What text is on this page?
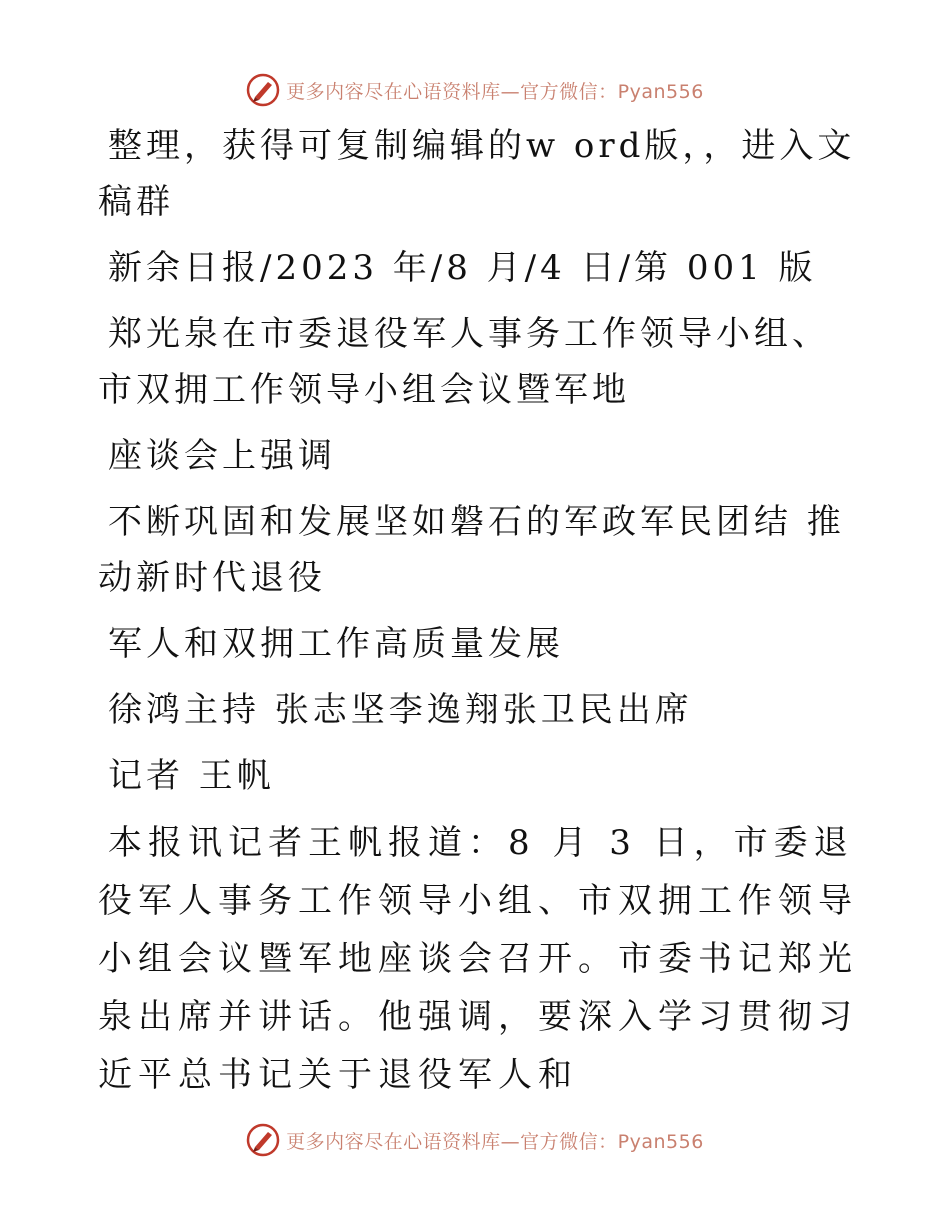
更多内容尽在心语资料库—官方微信：Pyan556

整理，获得可复制编辑的w ord版，，进入文稿群

新余日报/2023 年/8 月/4 日/第 001 版

郑光泉在市委退役军人事务工作领导小组、市双拥工作领导小组会议暨军地

座谈会上强调

不断巩固和发展坚如磐石的军政军民团结 推动新时代退役

军人和双拥工作高质量发展

徐鸿主持 张志坚李逸翔张卫民出席

记者 王帆

本报讯记者王帆报道：8 月 3 日，市委退役军人事务工作领导小组、市双拥工作领导小组会议暨军地座谈会召开。市委书记郑光泉出席并讲话。他强调，要深入学习贯彻习近平总书记关于退役军人和

更多内容尽在心语资料库—官方微信：Pyan556
